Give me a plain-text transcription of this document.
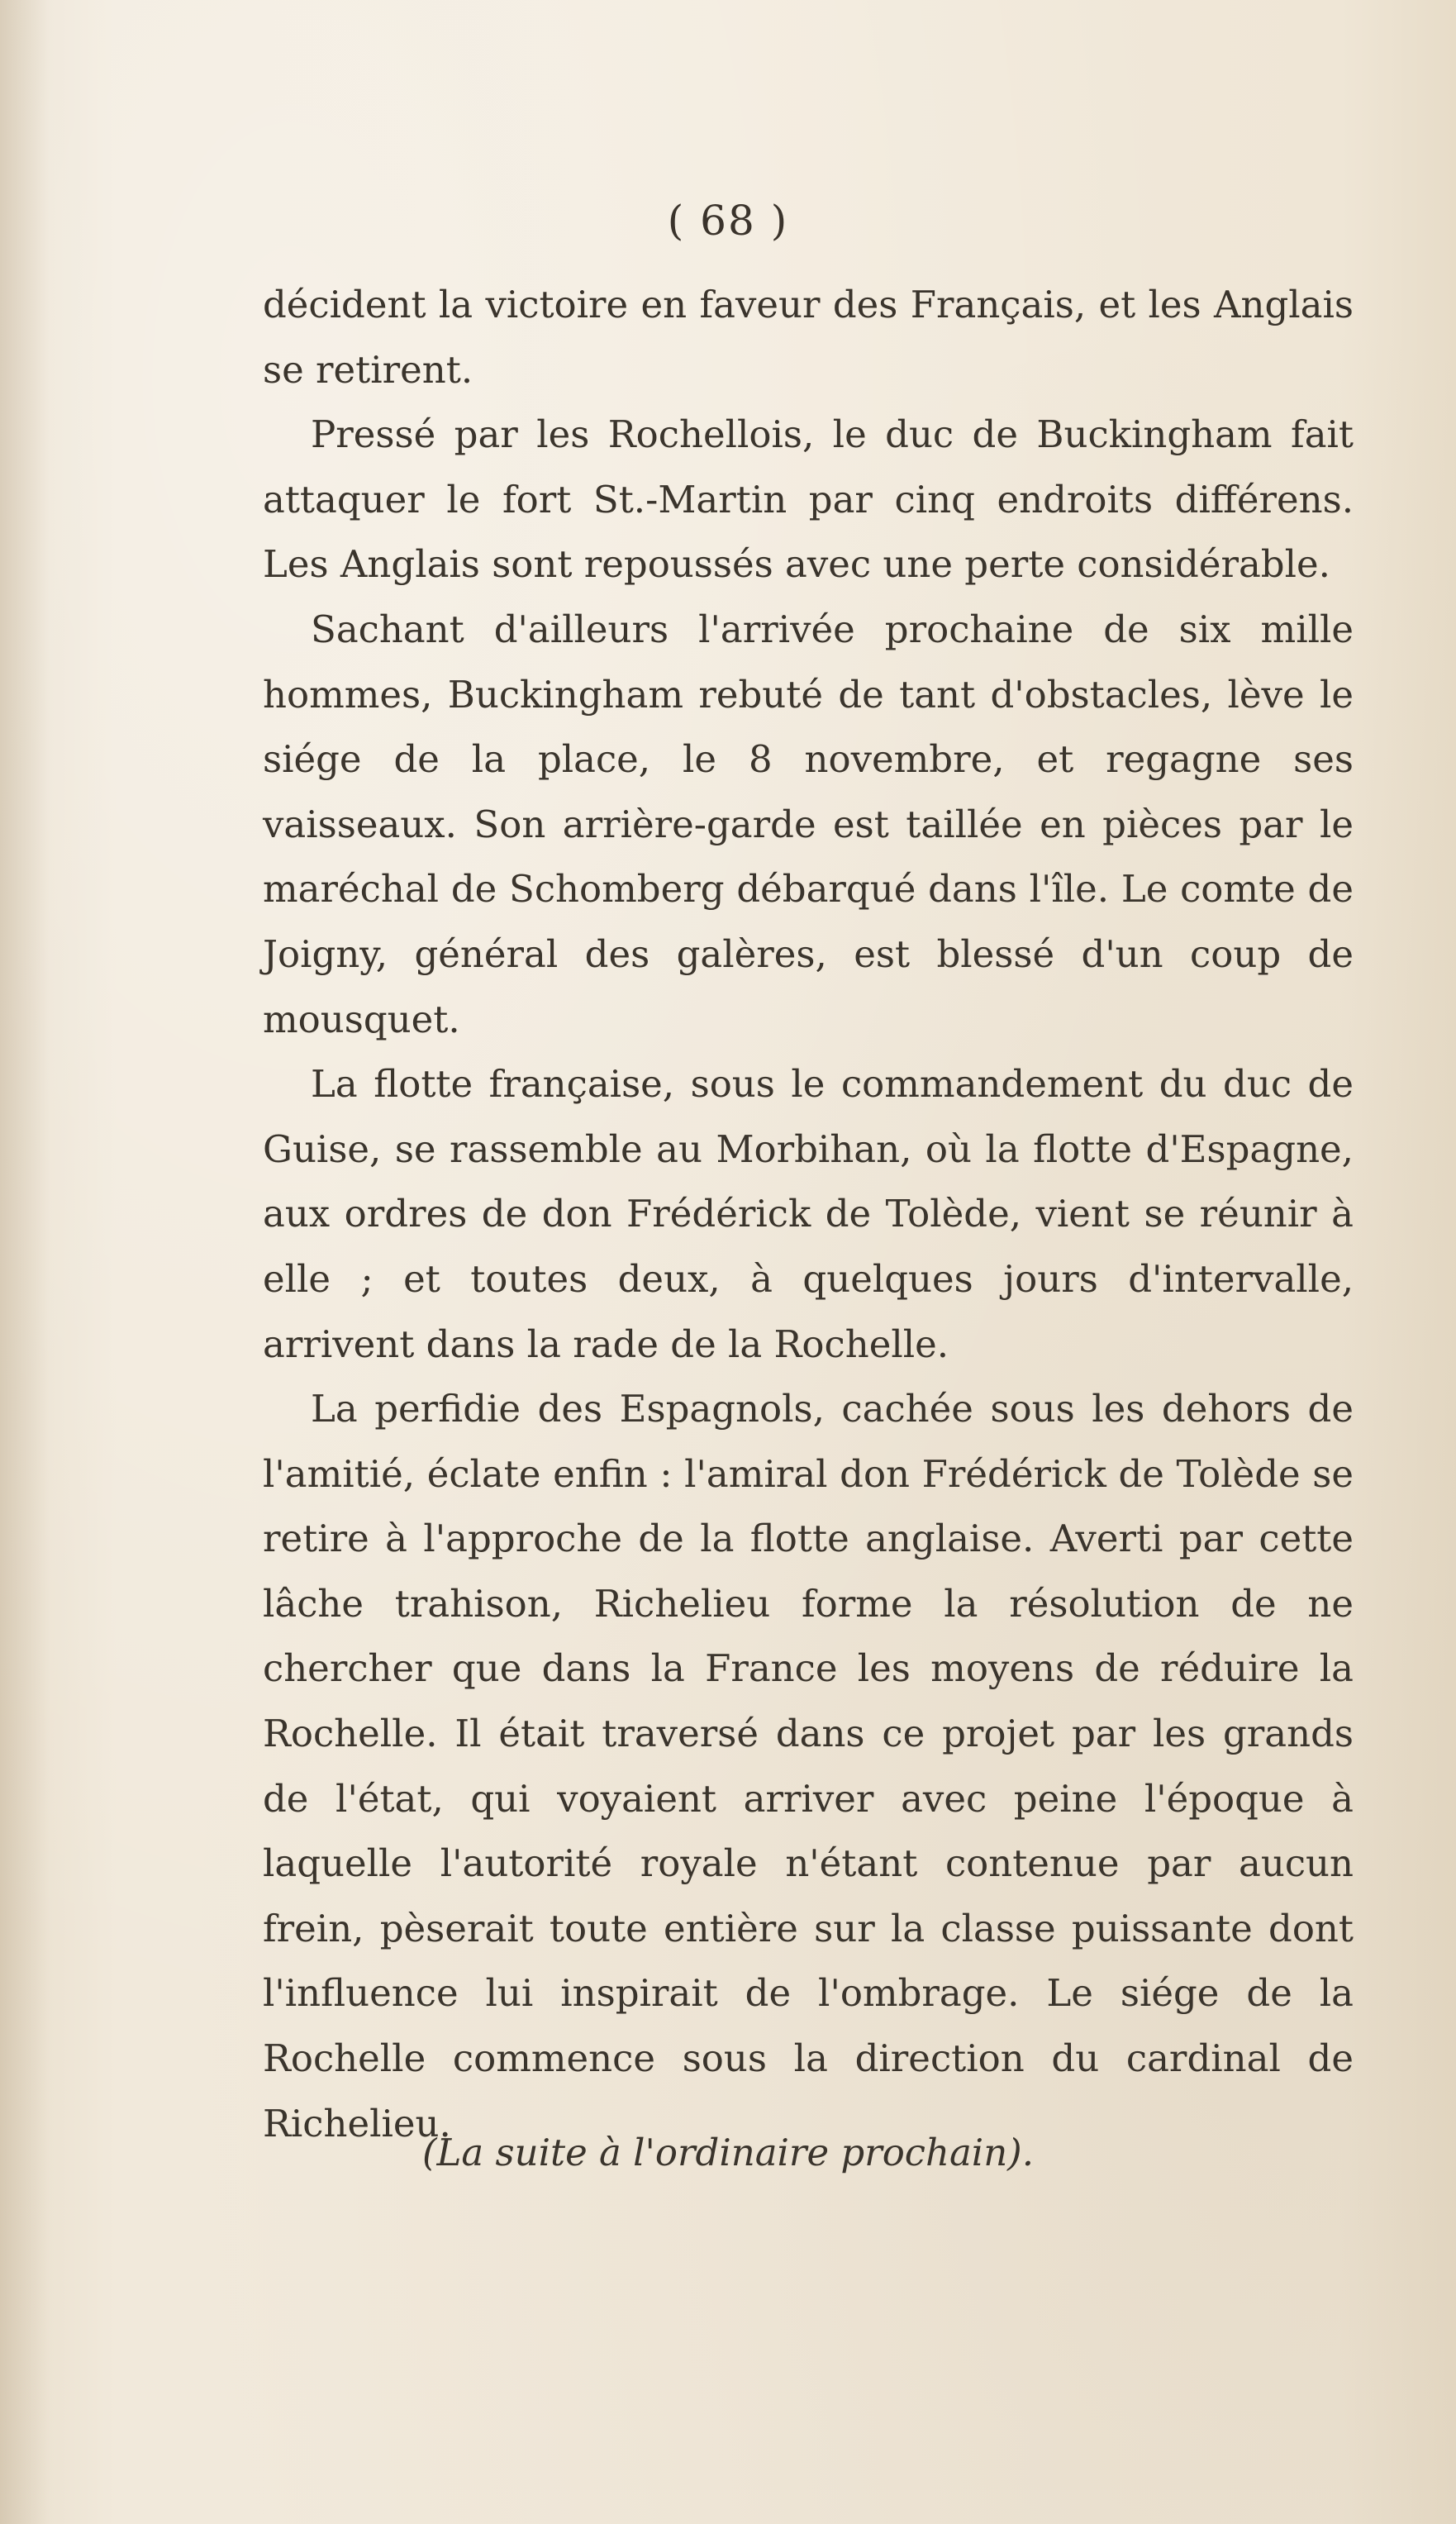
( 68 )

décident la victoire en faveur des Français, et les Anglais se retirent.

Pressé par les Rochellois, le duc de Buckingham fait attaquer le fort St.-Martin par cinq endroits différens. Les Anglais sont repoussés avec une perte considérable.

Sachant d'ailleurs l'arrivée prochaine de six mille hommes, Buckingham rebuté de tant d'obstacles, lève le siége de la place, le 8 novembre, et regagne ses vaisseaux. Son arrière-garde est taillée en pièces par le maréchal de Schomberg débarqué dans l'île. Le comte de Joigny, général des galères, est blessé d'un coup de mousquet.

La flotte française, sous le commandement du duc de Guise, se rassemble au Morbihan, où la flotte d'Espagne, aux ordres de don Frédérick de Tolède, vient se réunir à elle ; et toutes deux, à quelques jours d'intervalle, arrivent dans la rade de la Rochelle.

La perfidie des Espagnols, cachée sous les dehors de l'amitié, éclate enfin : l'amiral don Frédérick de Tolède se retire à l'approche de la flotte anglaise. Averti par cette lâche trahison, Richelieu forme la résolution de ne chercher que dans la France les moyens de réduire la Rochelle. Il était traversé dans ce projet par les grands de l'état, qui voyaient arriver avec peine l'époque à laquelle l'autorité royale n'étant contenue par aucun frein, pèserait toute entière sur la classe puissante dont l'influence lui inspirait de l'ombrage. Le siége de la Rochelle commence sous la direction du cardinal de Richelieu.

(La suite à l'ordinaire prochain).
